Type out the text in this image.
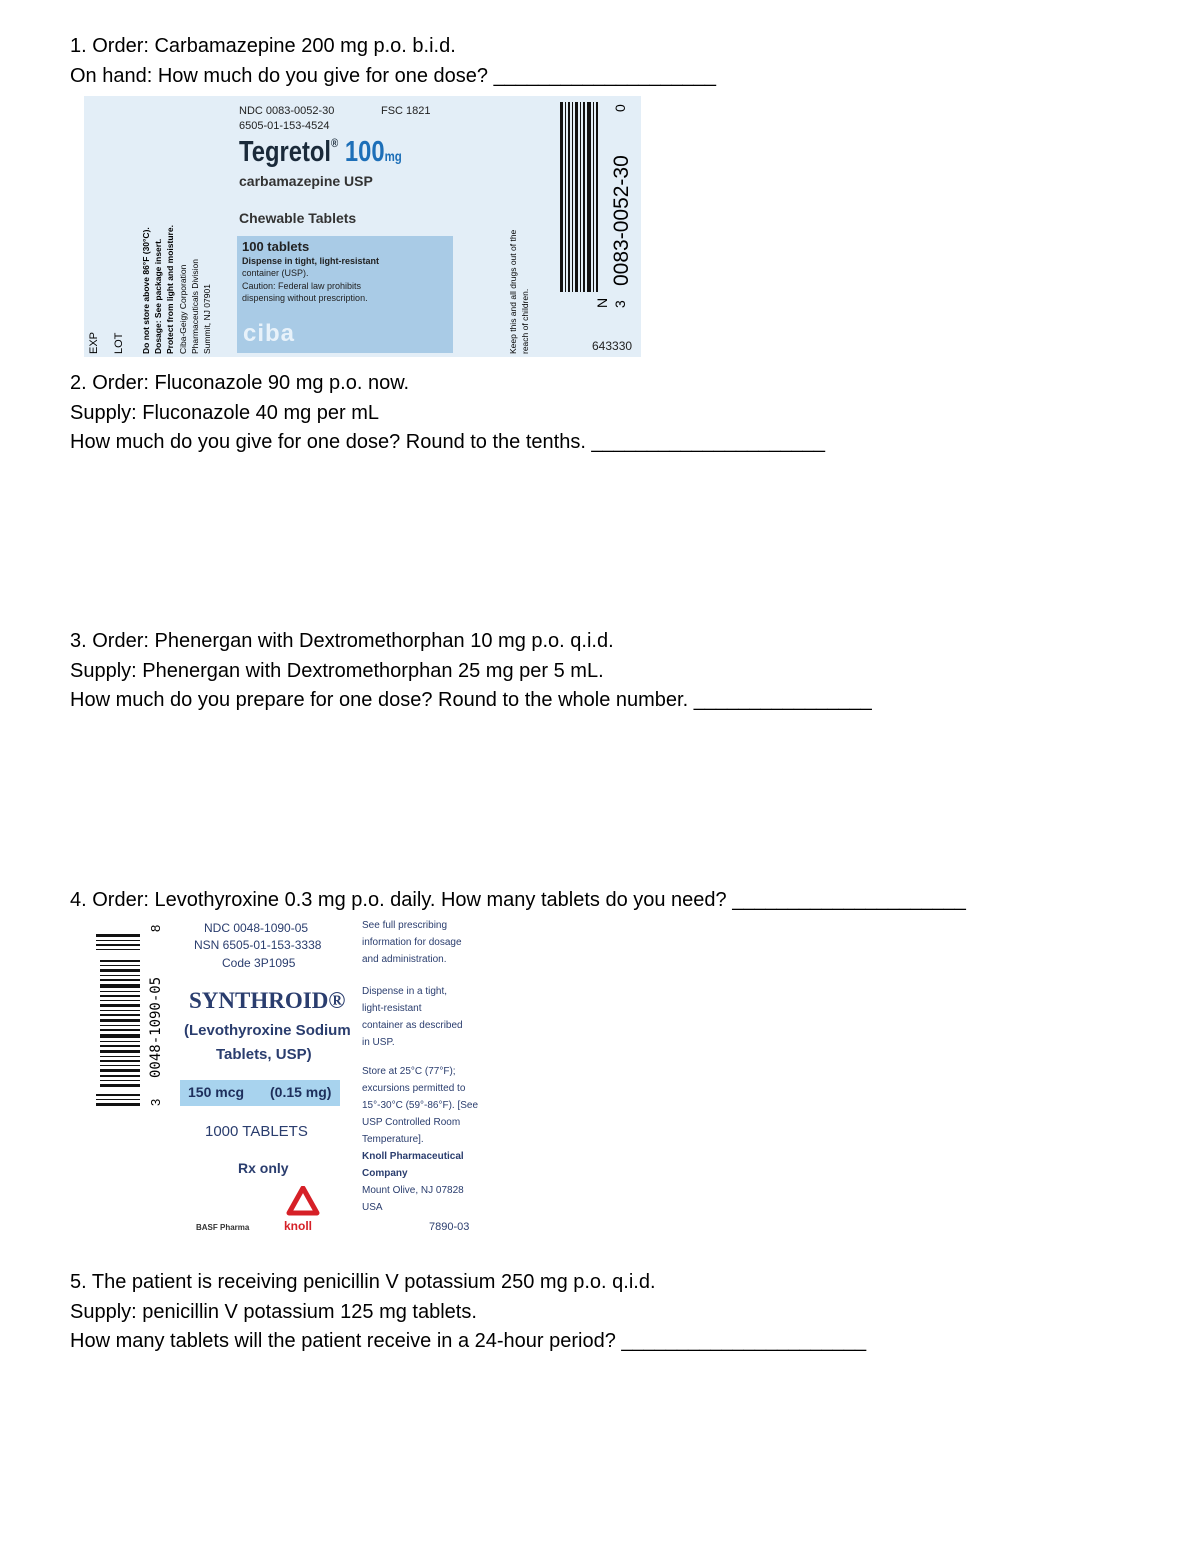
1. Order: Carbamazepine 200 mg p.o. b.i.d.
On hand: How much do you give for one dose? ____________________
EXP LOT Do not store above 86°F (30°C). Dosage: See package insert. Protect from light and moisture. Ciba-Geigy Corporation Pharmaceuticals Division Summit, NJ 07901
NDC 0083-0052-30	FSC 1821
6505-01-153-4524
Tegretol® 100mg
carbamazepine USP
Chewable Tablets
100 tablets
Dispense in tight, light-resistant
container (USP).
Caution: Federal law prohibits
dispensing without prescription.
ciba	Keep this and all drugs out of the reach of children.
0083-0052-30
N 3
0
643330
2. Order: Fluconazole 90 mg p.o. now.
Supply: Fluconazole 40 mg per mL
How much do you give for one dose? Round to the tenths. _____________________
3. Order: Phenergan with Dextromethorphan 10 mg p.o. q.i.d.
Supply: Phenergan with Dextromethorphan 25 mg per 5 mL.
How much do you prepare for one dose? Round to the whole number. ________________
4. Order: Levothyroxine 0.3 mg p.o. daily. How many tablets do you need? _____________________
0048-1090-05
3
8	NDC 0048-1090-05
NSN 6505-01-153-3338
Code 3P1095
SYNTHROID®
(Levothyroxine Sodium
Tablets, USP)
150 mcg (0.15 mg)
1000 TABLETS
Rx only
BASF Pharma	knoll
See full prescribing
information for dosage
and administration.
Dispense in a tight,
light-resistant
container as described
in USP.
Store at 25°C (77°F);
excursions permitted to
15°-30°C (59°-86°F). [See
USP Controlled Room
Temperature].
Knoll Pharmaceutical
Company
Mount Olive, NJ 07828
USA
7890-03
5. The patient is receiving penicillin V potassium 250 mg p.o. q.i.d.
Supply: penicillin V potassium 125 mg tablets.
How many tablets will the patient receive in a 24-hour period? ______________________
